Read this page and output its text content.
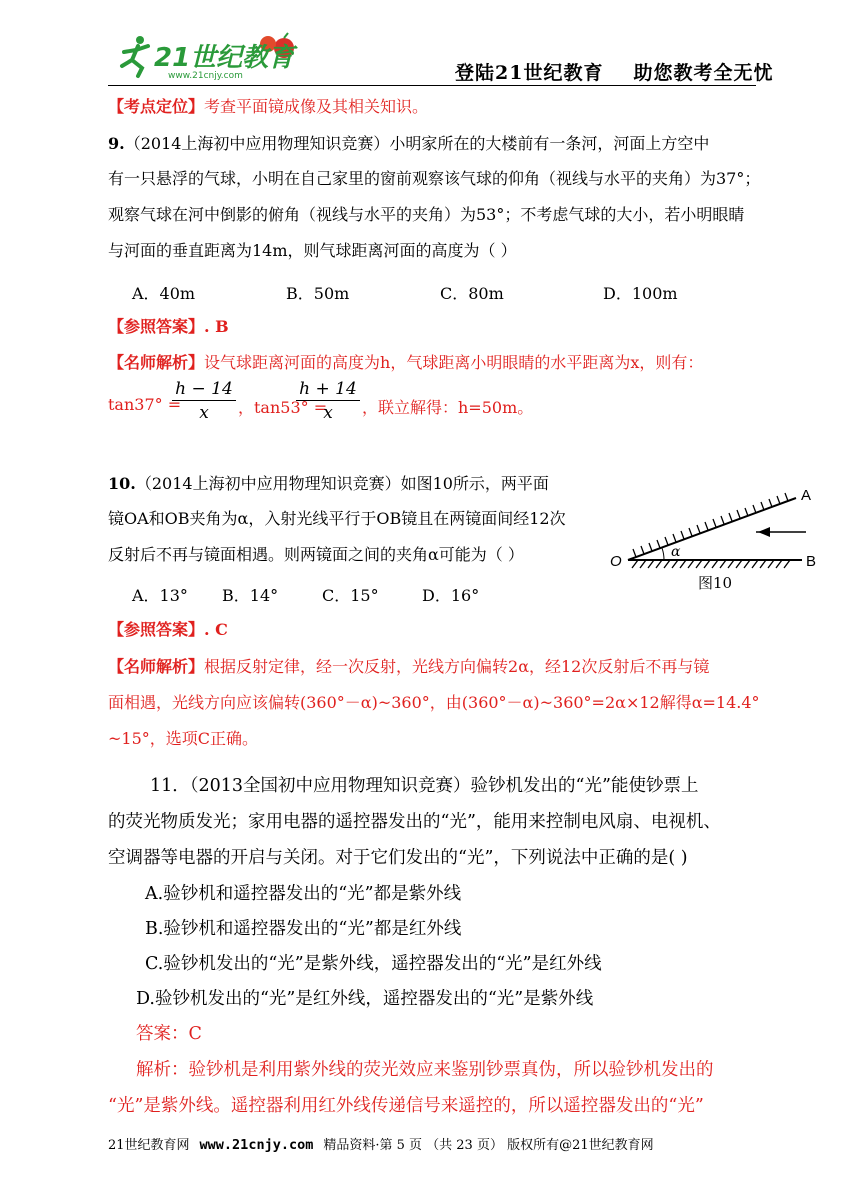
21世纪教育
www.21cnjy.com	登陆21世纪教育 助您教考全无忧
【考点定位】考查平面镜成像及其相关知识。
9.（2014上海初中应用物理知识竞赛）小明家所在的大楼前有一条河，河面上方空中
有一只悬浮的气球，小明在自己家里的窗前观察该气球的仰角（视线与水平的夹角）为37°；
观察气球在河中倒影的俯角（视线与水平的夹角）为53°；不考虑气球的大小，若小明眼睛
与河面的垂直距离为14m，则气球距离河面的高度为（ ）
A．40m	B．50m	C．80m	D．100m
【参照答案】. B
【名师解析】设气球距离河面的高度为h，气球距离小明眼睛的水平距离为x，则有：
tan37° =
h − 14
x	，tan53° =
h + 14
x	，联立解得：h=50m。
10.（2014上海初中应用物理知识竞赛）如图10所示，两平面
镜OA和OB夹角为α，入射光线平行于OB镜且在两镜面间经12次
反射后不再与镜面相遇。则两镜面之间的夹角α可能为（ ）
A．13° B．14°	C．15°	D．16°
α
A
B
O
图10
【参照答案】. C
【名师解析】根据反射定律，经一次反射，光线方向偏转2α，经12次反射后不再与镜
面相遇，光线方向应该偏转(360°－α)~360°，由(360°－α)~360°=2α×12解得α=14.4°
~15°，选项C正确。
11．（2013全国初中应用物理知识竞赛）验钞机发出的“光”能使钞票上
的荧光物质发光；家用电器的遥控器发出的“光”，能用来控制电风扇、电视机、
空调器等电器的开启与关闭。对于它们发出的“光”，下列说法中正确的是( )
A.验钞机和遥控器发出的“光”都是紫外线
B.验钞机和遥控器发出的“光”都是红外线
C.验钞机发出的“光”是紫外线，遥控器发出的“光”是红外线
D.验钞机发出的“光”是红外线，遥控器发出的“光”是紫外线
答案：C
解析：验钞机是利用紫外线的荧光效应来鉴别钞票真伪，所以验钞机发出的
“光”是紫外线。遥控器利用红外线传递信号来遥控的，所以遥控器发出的“光”
21世纪教育网 www.21cnjy.com 精品资料·第 5 页 （共 23 页） 版权所有@21世纪教育网
